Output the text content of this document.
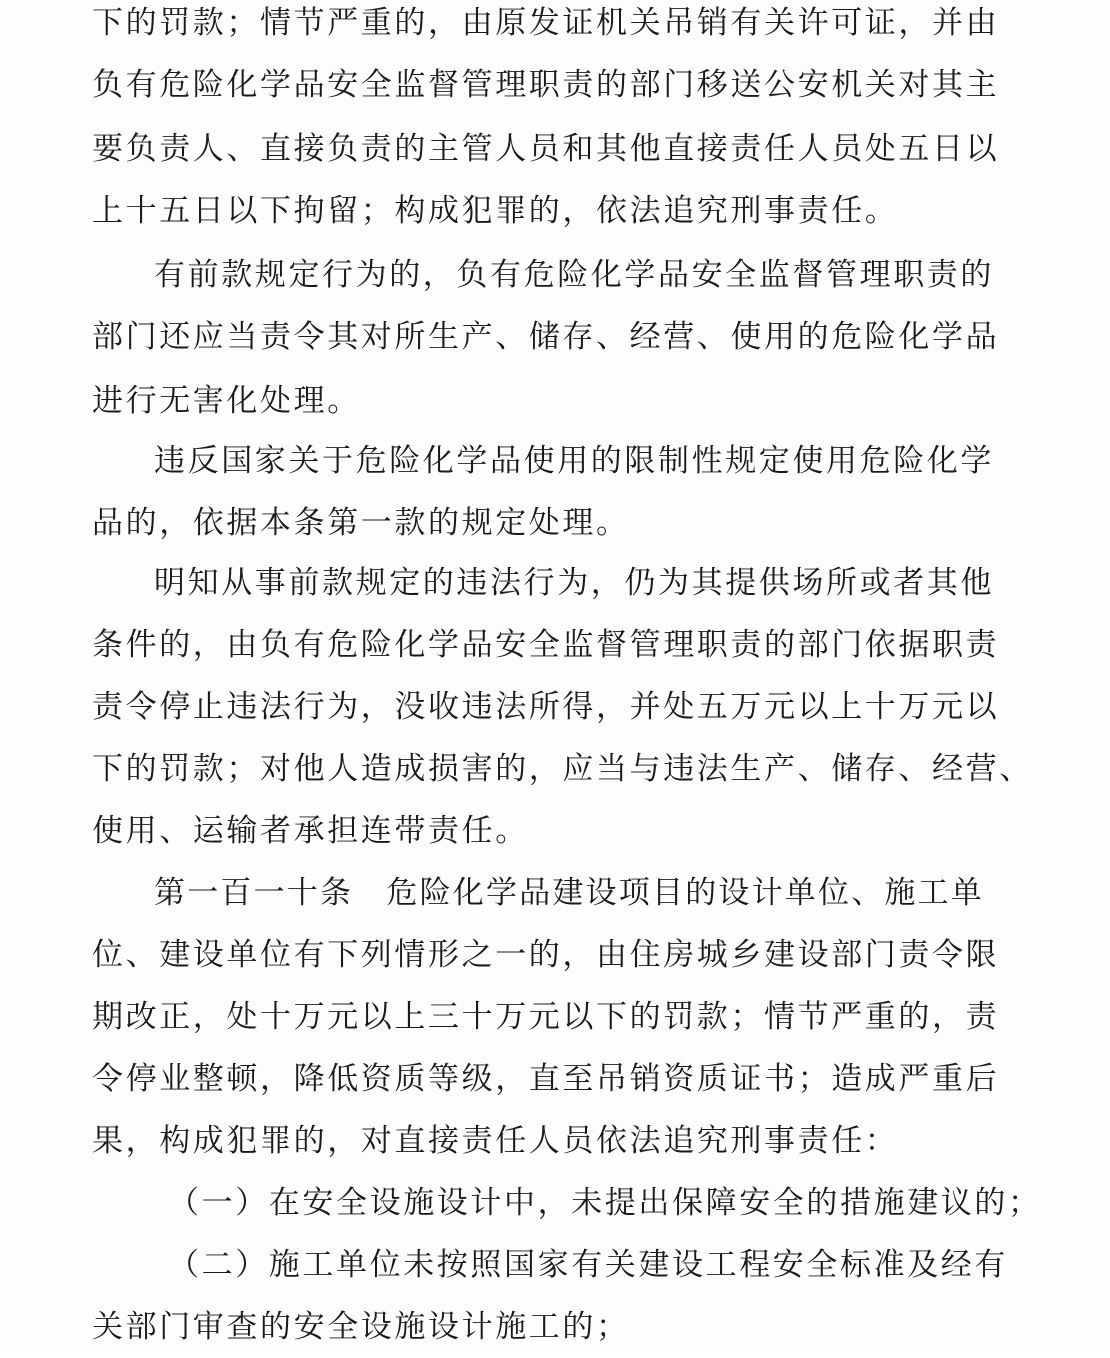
下的罚款；情节严重的，由原发证机关吊销有关许可证，并由
负有危险化学品安全监督管理职责的部门移送公安机关对其主
要负责人、直接负责的主管人员和其他直接责任人员处五日以
上十五日以下拘留；构成犯罪的，依法追究刑事责任。
有前款规定行为的，负有危险化学品安全监督管理职责的
部门还应当责令其对所生产、储存、经营、使用的危险化学品
进行无害化处理。
违反国家关于危险化学品使用的限制性规定使用危险化学
品的，依据本条第一款的规定处理。
明知从事前款规定的违法行为，仍为其提供场所或者其他
条件的，由负有危险化学品安全监督管理职责的部门依据职责
责令停止违法行为，没收违法所得，并处五万元以上十万元以
下的罚款；对他人造成损害的，应当与违法生产、储存、经营、
使用、运输者承担连带责任。
第一百一十条　危险化学品建设项目的设计单位、施工单
位、建设单位有下列情形之一的，由住房城乡建设部门责令限
期改正，处十万元以上三十万元以下的罚款；情节严重的，责
令停业整顿，降低资质等级，直至吊销资质证书；造成严重后
果，构成犯罪的，对直接责任人员依法追究刑事责任：
（一）在安全设施设计中，未提出保障安全的措施建议的；
（二）施工单位未按照国家有关建设工程安全标准及经有
关部门审查的安全设施设计施工的；
